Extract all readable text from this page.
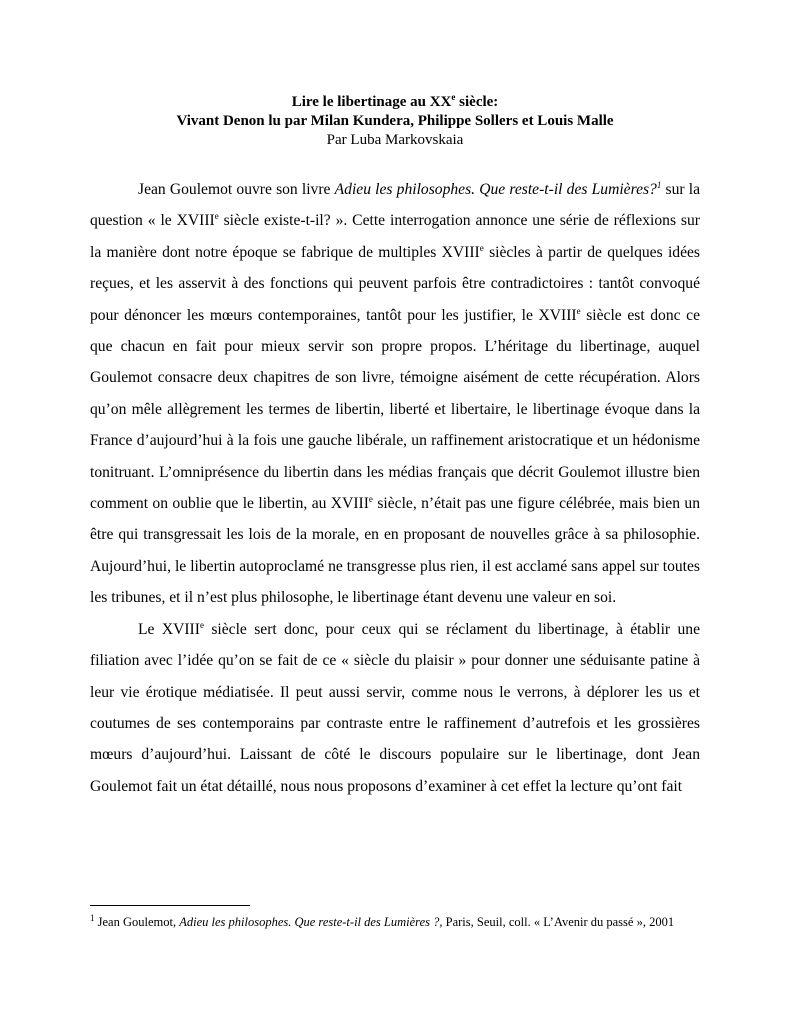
Lire le libertinage au XXe siècle:
Vivant Denon lu par Milan Kundera, Philippe Sollers et Louis Malle
Par Luba Markovskaia

Jean Goulemot ouvre son livre Adieu les philosophes. Que reste-t-il des Lumières?$^1$ sur la question « le XVIIIe siècle existe-t-il? ». Cette interrogation annonce une série de réflexions sur la manière dont notre époque se fabrique de multiples XVIIIe siècles à partir de quelques idées reçues, et les asservit à des fonctions qui peuvent parfois être contradictoires : tantôt convoqué pour dénoncer les mœurs contemporaines, tantôt pour les justifier, le XVIIIe siècle est donc ce que chacun en fait pour mieux servir son propre propos. L’héritage du libertinage, auquel Goulemot consacre deux chapitres de son livre, témoigne aisément de cette récupération. Alors qu’on mêle allègrement les termes de libertin, liberté et libertaire, le libertinage évoque dans la France d’aujourd’hui à la fois une gauche libérale, un raffinement aristocratique et un hédonisme tonitruant. L’omniprésence du libertin dans les médias français que décrit Goulemot illustre bien comment on oublie que le libertin, au XVIIIe siècle, n’était pas une figure célébrée, mais bien un être qui transgressait les lois de la morale, en en proposant de nouvelles grâce à sa philosophie. Aujourd’hui, le libertin autoproclamé ne transgresse plus rien, il est acclamé sans appel sur toutes les tribunes, et il n’est plus philosophe, le libertinage étant devenu une valeur en soi.

Le XVIIIe siècle sert donc, pour ceux qui se réclament du libertinage, à établir une filiation avec l’idée qu’on se fait de ce « siècle du plaisir » pour donner une séduisante patine à leur vie érotique médiatisée. Il peut aussi servir, comme nous le verrons, à déplorer les us et coutumes de ses contemporains par contraste entre le raffinement d’autrefois et les grossières mœurs d’aujourd’hui. Laissant de côté le discours populaire sur le libertinage, dont Jean Goulemot fait un état détaillé, nous nous proposons d’examiner à cet effet la lecture qu’ont fait

$^1$ Jean Goulemot, Adieu les philosophes. Que reste-t-il des Lumières ?, Paris, Seuil, coll. « L’Avenir du passé », 2001
